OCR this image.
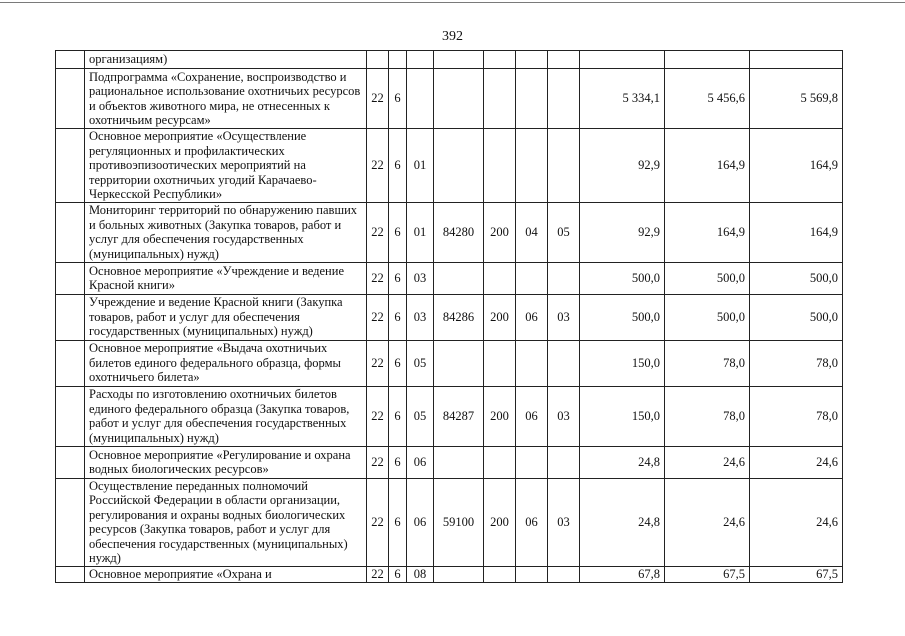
392
	организациям)										
	Подпрограмма «Сохранение, воспроизводство и рациональное использование охотничьих ресурсов и объектов животного мира, не отнесенных к охотничьим ресурсам»	22	6						5 334,1	5 456,6	5 569,8
	Основное мероприятие «Осуществление регуляционных и профилактических противоэпизоотических мероприятий на территории охотничьих угодий Карачаево-Черкесской Республики»	22	6	01					92,9	164,9	164,9
	Мониторинг территорий по обнаружению павших и больных животных (Закупка товаров, работ и услуг для обеспечения государственных (муниципальных) нужд)	22	6	01	84280	200	04	05	92,9	164,9	164,9
	Основное мероприятие «Учреждение и ведение Красной книги»	22	6	03					500,0	500,0	500,0
	Учреждение и ведение Красной книги (Закупка товаров, работ и услуг для обеспечения государственных (муниципальных) нужд)	22	6	03	84286	200	06	03	500,0	500,0	500,0
	Основное мероприятие «Выдача охотничьих билетов единого федерального образца, формы охотничьего билета»	22	6	05					150,0	78,0	78,0
	Расходы по изготовлению охотничьих билетов единого федерального образца (Закупка товаров, работ и услуг для обеспечения государственных (муниципальных) нужд)	22	6	05	84287	200	06	03	150,0	78,0	78,0
	Основное мероприятие «Регулирование и охрана водных биологических ресурсов»	22	6	06					24,8	24,6	24,6
	Осуществление переданных полномочий Российской Федерации в области организации, регулирования и охраны водных биологических ресурсов (Закупка товаров, работ и услуг для обеспечения государственных (муниципальных) нужд)	22	6	06	59100	200	06	03	24,8	24,6	24,6
	Основное мероприятие «Охрана и	22	6	08					67,8	67,5	67,5
